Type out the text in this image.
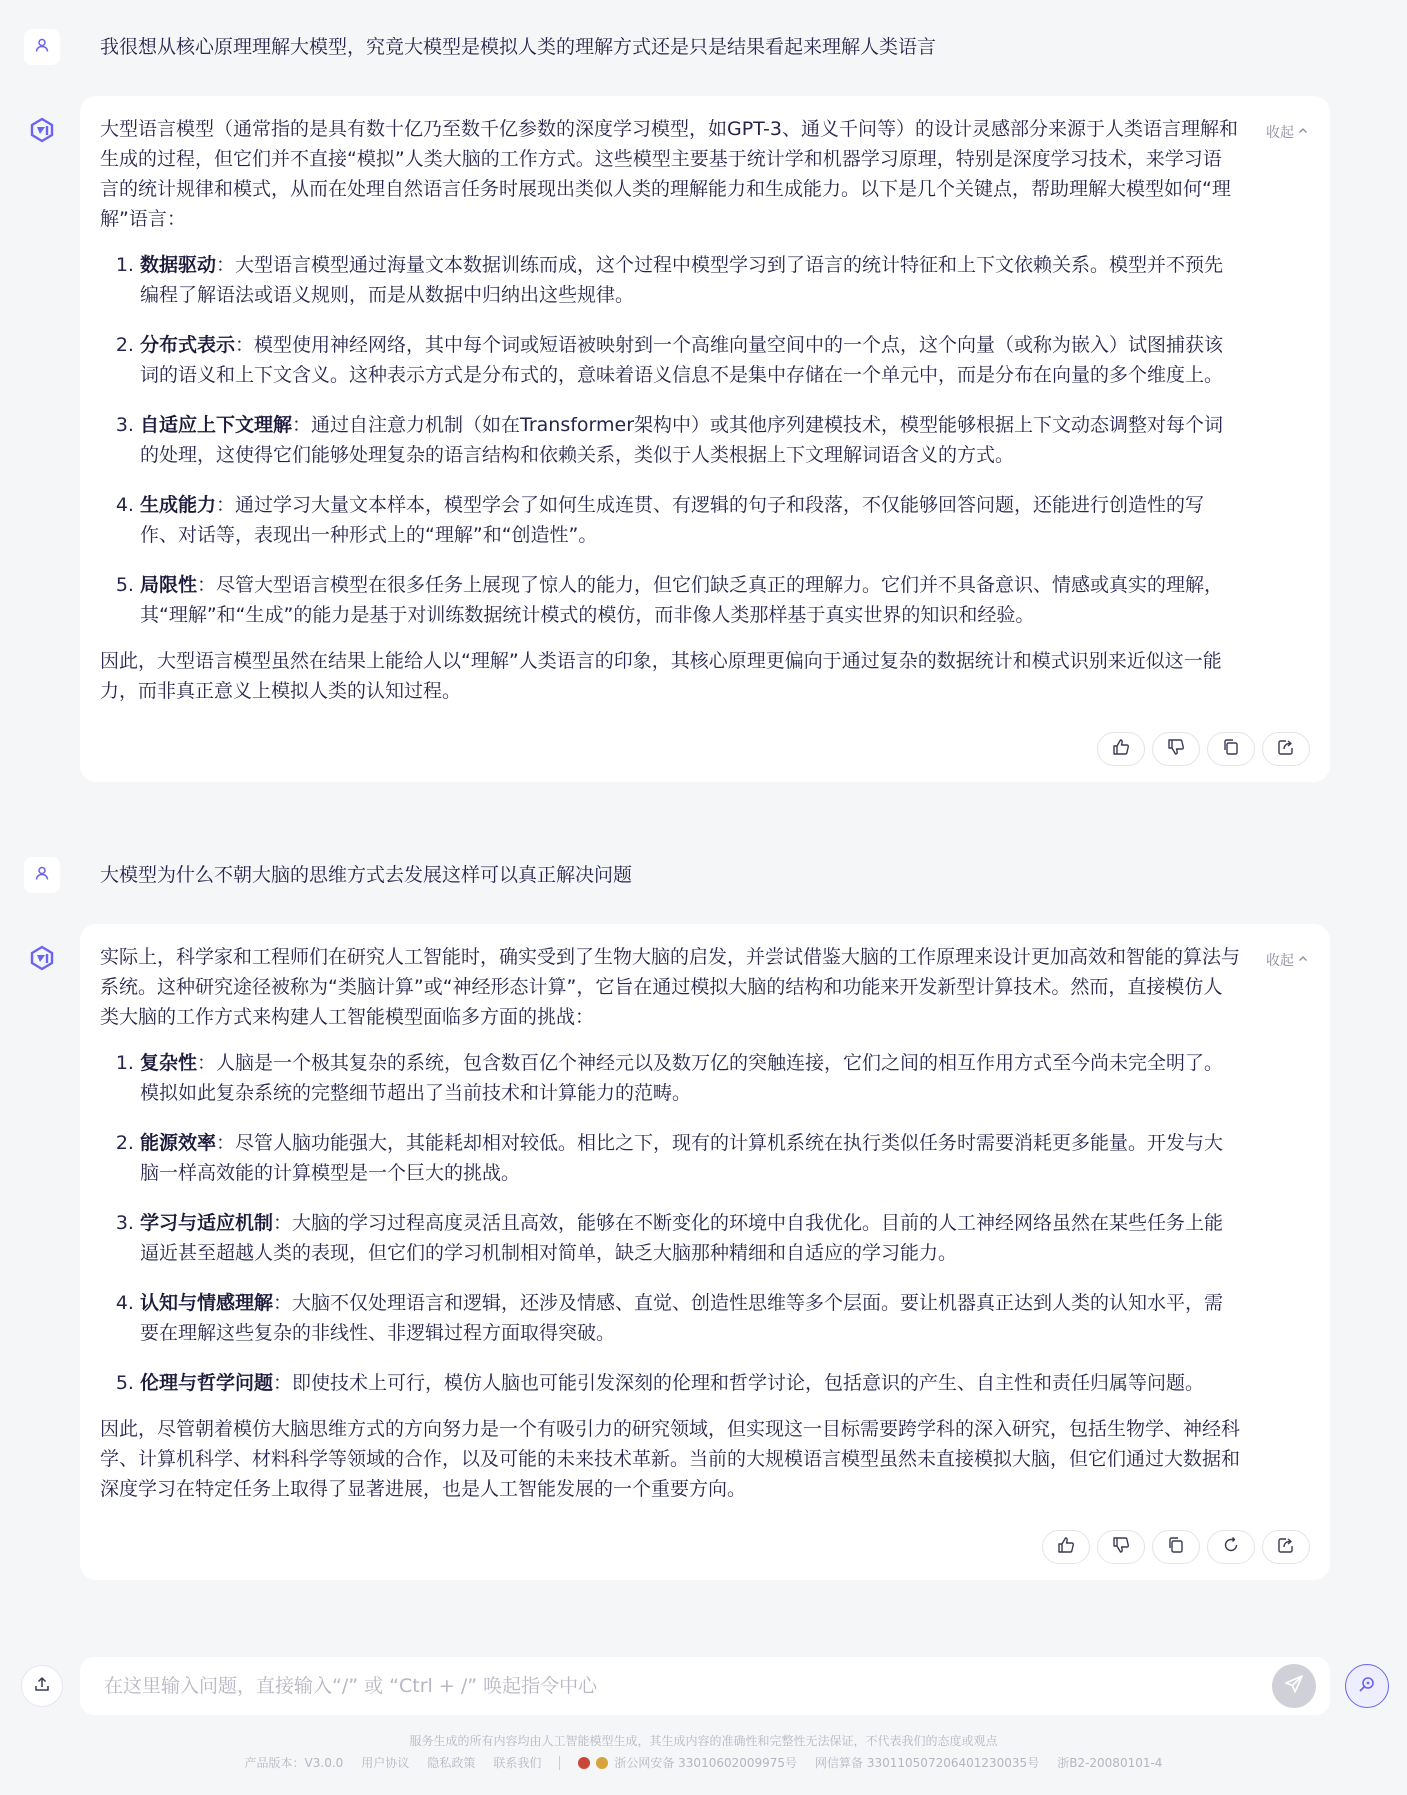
我很想从核心原理理解大模型，究竟大模型是模拟人类的理解方式还是只是结果看起来理解人类语言
收起

大型语言模型（通常指的是具有数十亿乃至数千亿参数的深度学习模型，如GPT-3、通义千问等）的设计灵感部分来源于人类语言理解和生成的过程，但它们并不直接“模拟”人类大脑的工作方式。这些模型主要基于统计学和机器学习原理，特别是深度学习技术，来学习语言的统计规律和模式，从而在处理自然语言任务时展现出类似人类的理解能力和生成能力。以下是几个关键点，帮助理解大模型如何“理解”语言：

1. 数据驱动：大型语言模型通过海量文本数据训练而成，这个过程中模型学习到了语言的统计特征和上下文依赖关系。模型并不预先编程了解语法或语义规则，而是从数据中归纳出这些规律。
2. 分布式表示：模型使用神经网络，其中每个词或短语被映射到一个高维向量空间中的一个点，这个向量（或称为嵌入）试图捕获该词的语义和上下文含义。这种表示方式是分布式的，意味着语义信息不是集中存储在一个单元中，而是分布在向量的多个维度上。
3. 自适应上下文理解：通过自注意力机制（如在Transformer架构中）或其他序列建模技术，模型能够根据上下文动态调整对每个词的处理，这使得它们能够处理复杂的语言结构和依赖关系，类似于人类根据上下文理解词语含义的方式。
4. 生成能力：通过学习大量文本样本，模型学会了如何生成连贯、有逻辑的句子和段落，不仅能够回答问题，还能进行创造性的写作、对话等，表现出一种形式上的“理解”和“创造性”。
5. 局限性：尽管大型语言模型在很多任务上展现了惊人的能力，但它们缺乏真正的理解力。它们并不具备意识、情感或真实的理解，其“理解”和“生成”的能力是基于对训练数据统计模式的模仿，而非像人类那样基于真实世界的知识和经验。

因此，大型语言模型虽然在结果上能给人以“理解”人类语言的印象，其核心原理更偏向于通过复杂的数据统计和模式识别来近似这一能力，而非真正意义上模拟人类的认知过程。

大模型为什么不朝大脑的思维方式去发展这样可以真正解决问题
收起

实际上，科学家和工程师们在研究人工智能时，确实受到了生物大脑的启发，并尝试借鉴大脑的工作原理来设计更加高效和智能的算法与系统。这种研究途径被称为“类脑计算”或“神经形态计算”，它旨在通过模拟大脑的结构和功能来开发新型计算技术。然而，直接模仿人类大脑的工作方式来构建人工智能模型面临多方面的挑战：

1. 复杂性：人脑是一个极其复杂的系统，包含数百亿个神经元以及数万亿的突触连接，它们之间的相互作用方式至今尚未完全明了。模拟如此复杂系统的完整细节超出了当前技术和计算能力的范畴。
2. 能源效率：尽管人脑功能强大，其能耗却相对较低。相比之下，现有的计算机系统在执行类似任务时需要消耗更多能量。开发与大脑一样高效能的计算模型是一个巨大的挑战。
3. 学习与适应机制：大脑的学习过程高度灵活且高效，能够在不断变化的环境中自我优化。目前的人工神经网络虽然在某些任务上能逼近甚至超越人类的表现，但它们的学习机制相对简单，缺乏大脑那种精细和自适应的学习能力。
4. 认知与情感理解：大脑不仅处理语言和逻辑，还涉及情感、直觉、创造性思维等多个层面。要让机器真正达到人类的认知水平，需要在理解这些复杂的非线性、非逻辑过程方面取得突破。
5. 伦理与哲学问题：即使技术上可行，模仿人脑也可能引发深刻的伦理和哲学讨论，包括意识的产生、自主性和责任归属等问题。

因此，尽管朝着模仿大脑思维方式的方向努力是一个有吸引力的研究领域，但实现这一目标需要跨学科的深入研究，包括生物学、神经科学、计算机科学、材料科学等领域的合作，以及可能的未来技术革新。当前的大规模语言模型虽然未直接模拟大脑，但它们通过大数据和深度学习在特定任务上取得了显著进展，也是人工智能发展的一个重要方向。

在这里输入问题，直接输入“/” 或 “Ctrl + /” 唤起指令中心
服务生成的所有内容均由人工智能模型生成，其生成内容的准确性和完整性无法保证，不代表我们的态度或观点
产品版本：V3.0.0 用户协议 隐私政策 联系我们	浙公网安备 33010602009975号 网信算备 330110507206401230035号 浙B2-20080101-4
